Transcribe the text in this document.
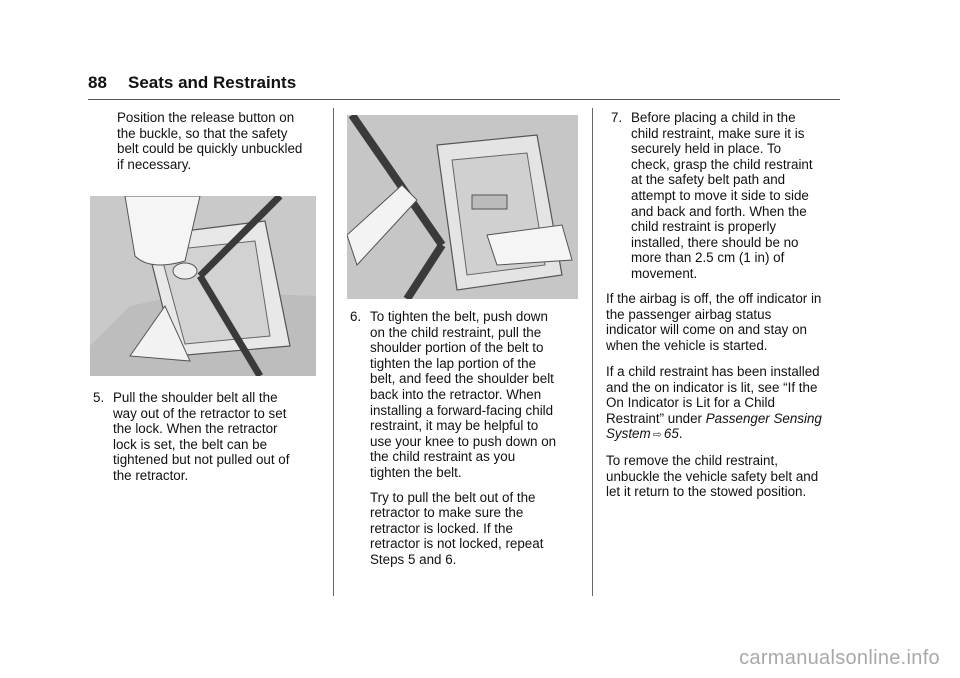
88 Seats and Restraints

Position the release button on

the buckle, so that the safety

belt could be quickly unbuckled

if necessary.

5. Pull the shoulder belt all the

way out of the retractor to set

the lock. When the retractor

lock is set, the belt can be

tightened but not pulled out of

the retractor.

6. To tighten the belt, push down

on the child restraint, pull the

shoulder portion of the belt to

tighten the lap portion of the

belt, and feed the shoulder belt

back into the retractor. When

installing a forward-facing child

restraint, it may be helpful to

use your knee to push down on

the child restraint as you

tighten the belt.

Try to pull the belt out of the

retractor to make sure the

retractor is locked. If the

retractor is not locked, repeat

Steps 5 and 6.

7. Before placing a child in the

child restraint, make sure it is

securely held in place. To

check, grasp the child restraint

at the safety belt path and

attempt to move it side to side

and back and forth. When the

child restraint is properly

installed, there should be no

more than 2.5 cm (1 in) of

movement.

If the airbag is off, the off indicator in

the passenger airbag status

indicator will come on and stay on

when the vehicle is started.

If a child restraint has been installed

and the on indicator is lit, see “If the

On Indicator is Lit for a Child

Restraint” under Passenger Sensing

System ⇨ 65.

To remove the child restraint,

unbuckle the vehicle safety belt and

let it return to the stowed position.

carmanualsonline.info
